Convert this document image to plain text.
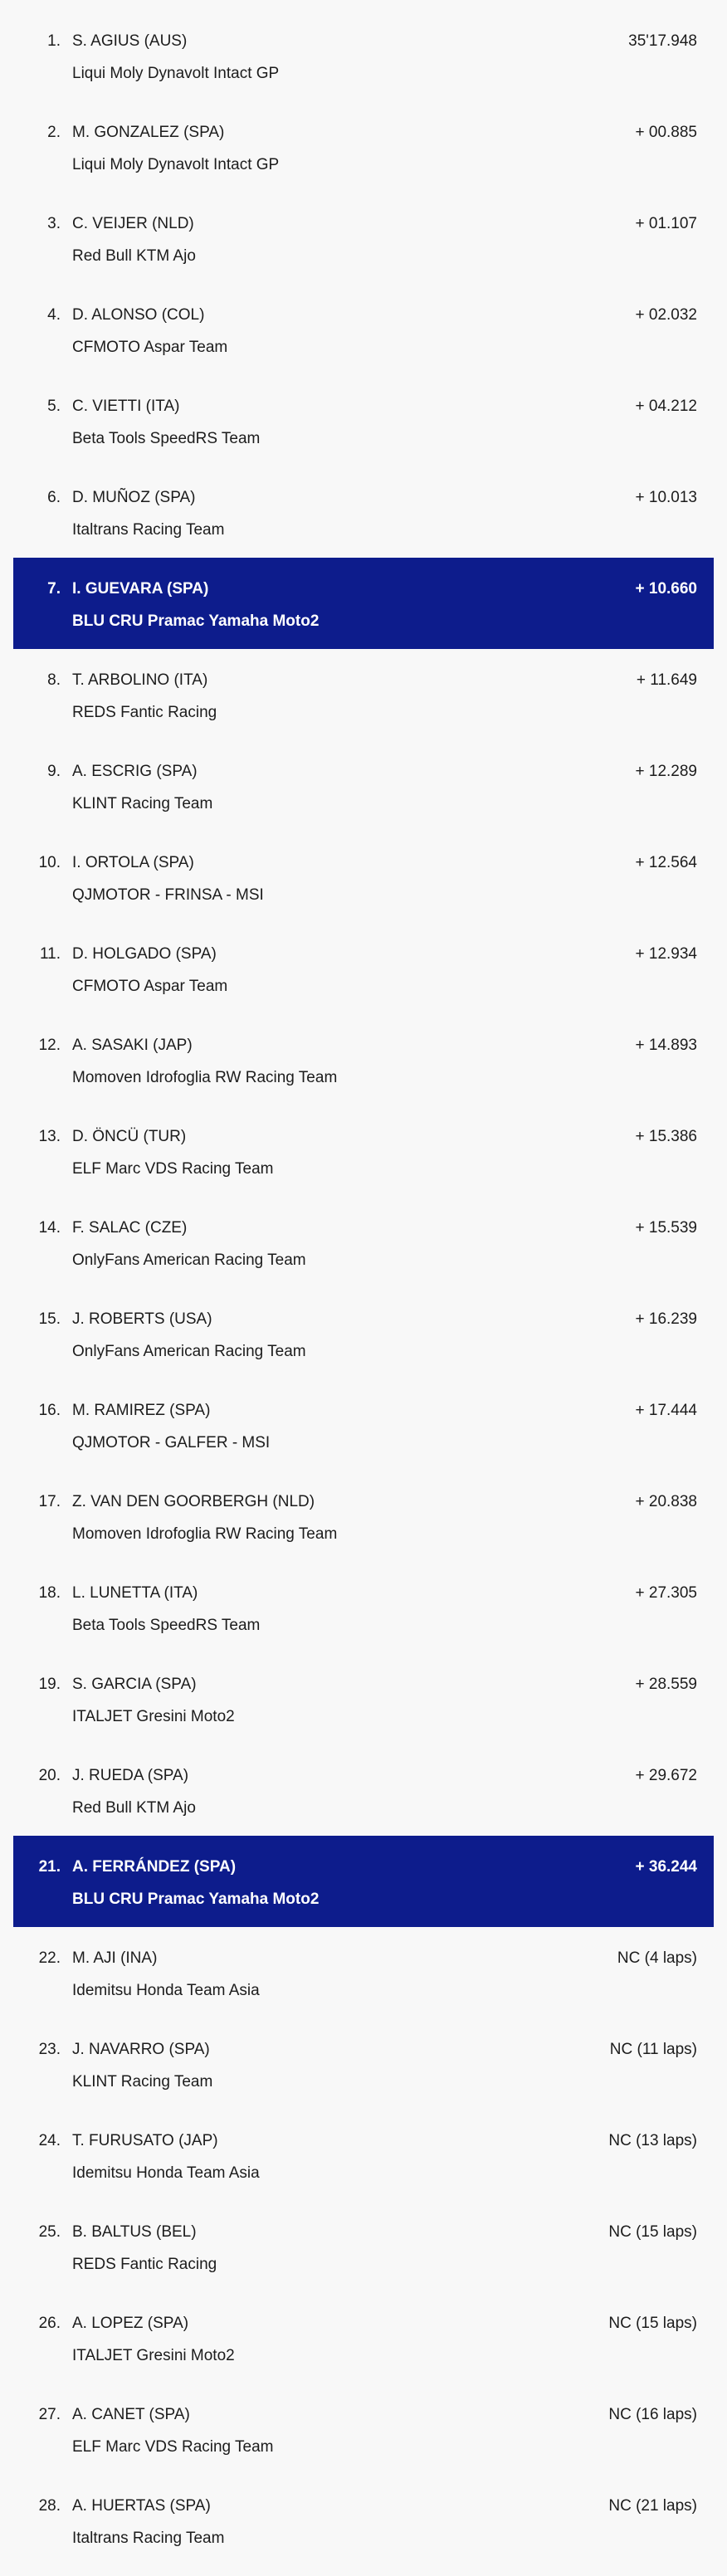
1. S. AGIUS (AUS)	35'17.948
Liqui Moly Dynavolt Intact GP
2. M. GONZALEZ (SPA)	+ 00.885
Liqui Moly Dynavolt Intact GP
3. C. VEIJER (NLD)	+ 01.107
Red Bull KTM Ajo
4. D. ALONSO (COL)	+ 02.032
CFMOTO Aspar Team
5. C. VIETTI (ITA)	+ 04.212
Beta Tools SpeedRS Team
6. D. MUÑOZ (SPA)	+ 10.013
Italtrans Racing Team
7. I. GUEVARA (SPA)	+ 10.660
BLU CRU Pramac Yamaha Moto2
8. T. ARBOLINO (ITA)	+ 11.649
REDS Fantic Racing
9. A. ESCRIG (SPA)	+ 12.289
KLINT Racing Team
10. I. ORTOLA (SPA)	+ 12.564
QJMOTOR - FRINSA - MSI
11. D. HOLGADO (SPA)	+ 12.934
CFMOTO Aspar Team
12. A. SASAKI (JAP)	+ 14.893
Momoven Idrofoglia RW Racing Team
13. D. ÖNCÜ (TUR)	+ 15.386
ELF Marc VDS Racing Team
14. F. SALAC (CZE)	+ 15.539
OnlyFans American Racing Team
15. J. ROBERTS (USA)	+ 16.239
OnlyFans American Racing Team
16. M. RAMIREZ (SPA)	+ 17.444
QJMOTOR - GALFER - MSI
17. Z. VAN DEN GOORBERGH (NLD)	+ 20.838
Momoven Idrofoglia RW Racing Team
18. L. LUNETTA (ITA)	+ 27.305
Beta Tools SpeedRS Team
19. S. GARCIA (SPA)	+ 28.559
ITALJET Gresini Moto2
20. J. RUEDA (SPA)	+ 29.672
Red Bull KTM Ajo
21. A. FERRÁNDEZ (SPA)	+ 36.244
BLU CRU Pramac Yamaha Moto2
22. M. AJI (INA)	NC (4 laps)
Idemitsu Honda Team Asia
23. J. NAVARRO (SPA)	NC (11 laps)
KLINT Racing Team
24. T. FURUSATO (JAP)	NC (13 laps)
Idemitsu Honda Team Asia
25. B. BALTUS (BEL)	NC (15 laps)
REDS Fantic Racing
26. A. LOPEZ (SPA)	NC (15 laps)
ITALJET Gresini Moto2
27. A. CANET (SPA)	NC (16 laps)
ELF Marc VDS Racing Team
28. A. HUERTAS (SPA)	NC (21 laps)
Italtrans Racing Team
